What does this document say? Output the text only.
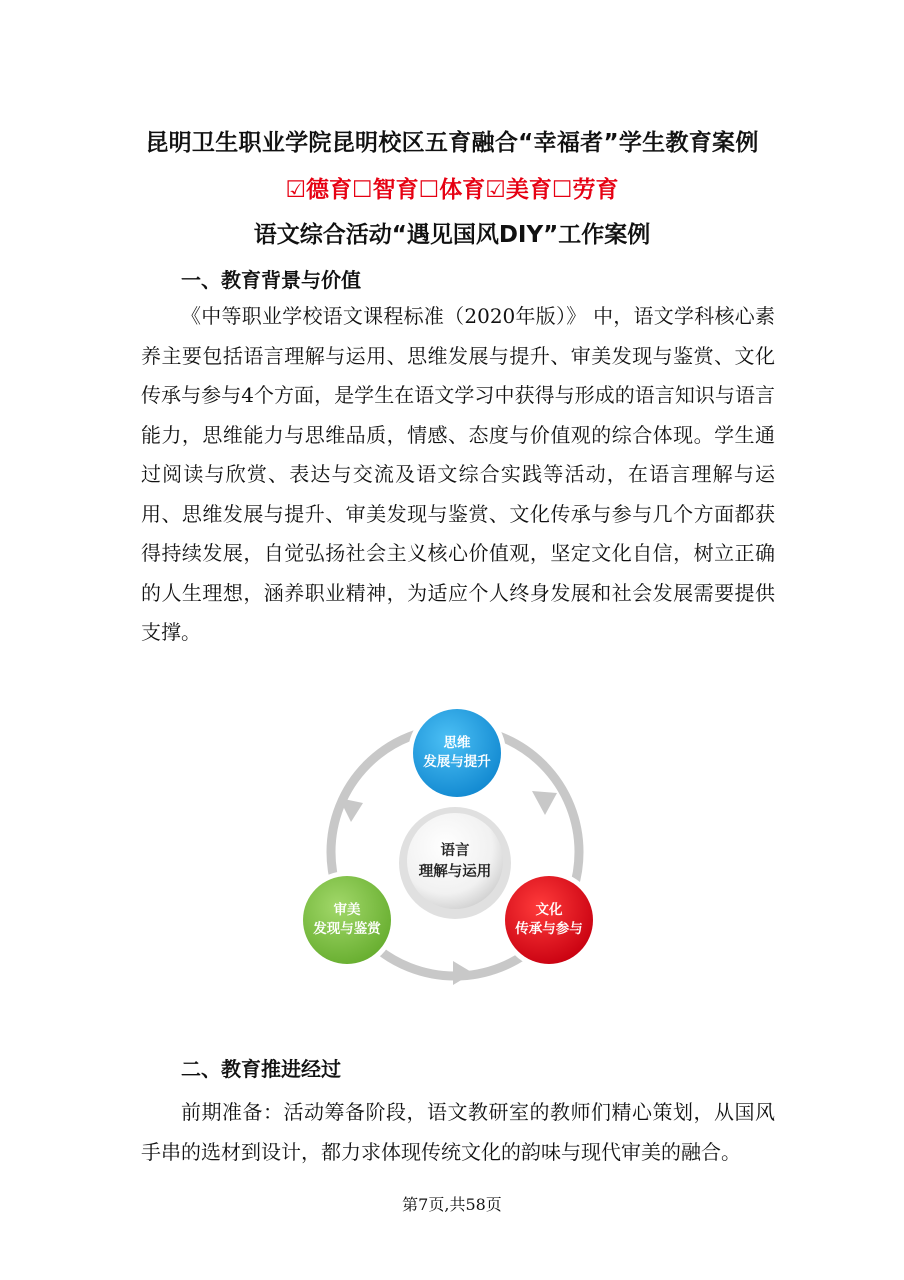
昆明卫生职业学院昆明校区五育融合“幸福者”学生教育案例
☑德育☐智育☐体育☑美育☐劳育
语文综合活动“遇见国风DIY”工作案例
一、教育背景与价值

《中等职业学校语文课程标准（2020年版）》 中，语文学科核心素养主要包括语言理解与运用、思维发展与提升、审美发现与鉴赏、文化传承与参与4个方面，是学生在语文学习中获得与形成的语言知识与语言能力，思维能力与思维品质，情感、态度与价值观的综合体现。学生通过阅读与欣赏、表达与交流及语文综合实践等活动，在语言理解与运用、思维发展与提升、审美发现与鉴赏、文化传承与参与几个方面都获得持续发展，自觉弘扬社会主义核心价值观，坚定文化自信，树立正确的人生理想，涵养职业精神，为适应个人终身发展和社会发展需要提供支撑。

思维
发展与提升
语言
理解与运用
文化
传承与参与
审美
发现与鉴赏
二、教育推进经过

前期准备：活动筹备阶段，语文教研室的教师们精心策划，从国风手串的选材到设计，都力求体现传统文化的韵味与现代审美的融合。

第7页,共58页
